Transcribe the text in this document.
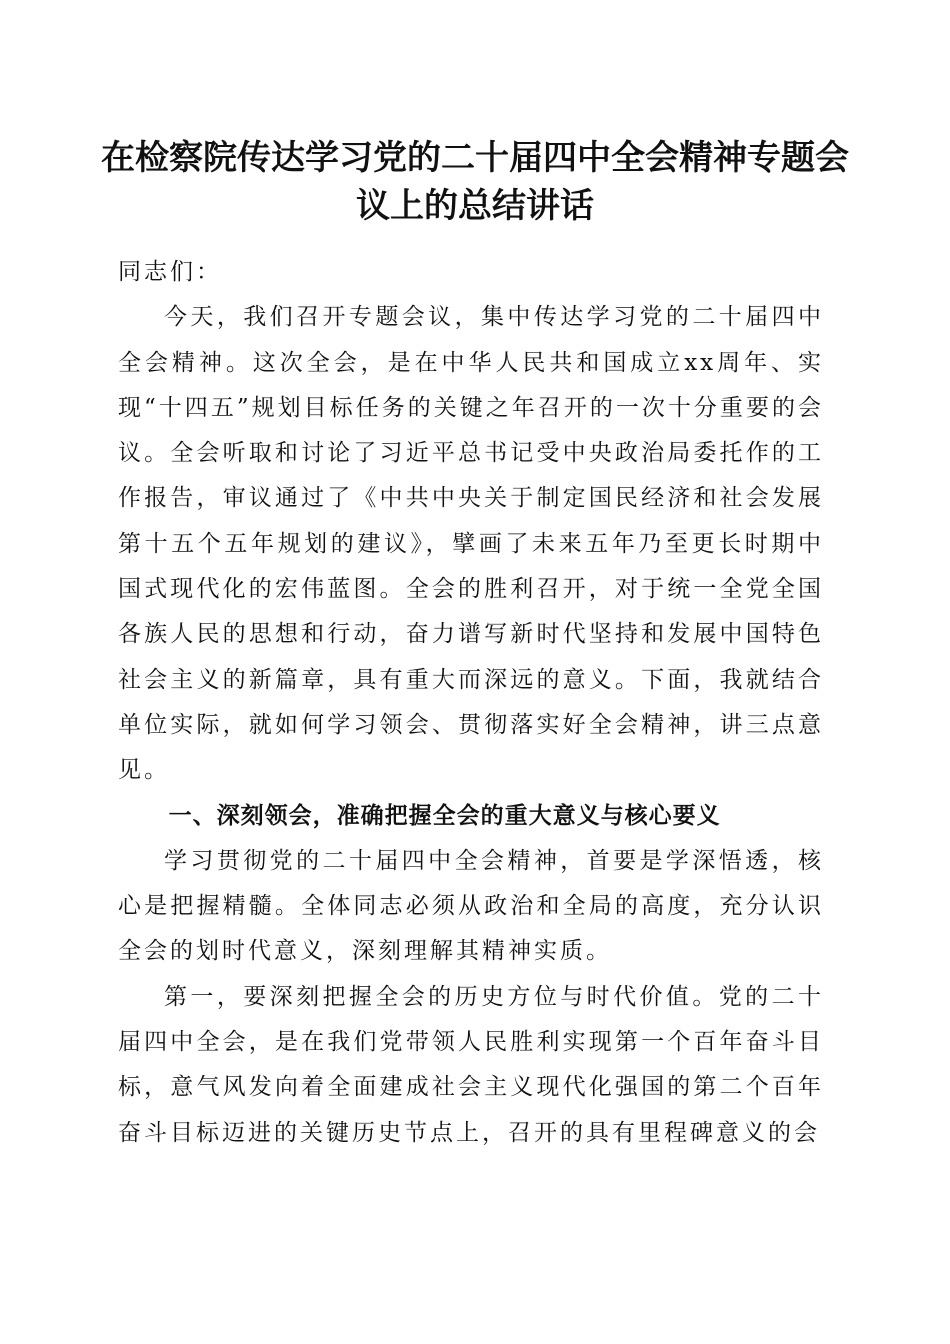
在检察院传达学习党的二十届四中全会精神专题会议上的总结讲话

同志们：

今天，我们召开专题会议，集中传达学习党的二十届四中全会精神。这次全会，是在中华人民共和国成立xx周年、实现“十四五”规划目标任务的关键之年召开的一次十分重要的会议。全会听取和讨论了习近平总书记受中央政治局委托作的工作报告，审议通过了《中共中央关于制定国民经济和社会发展第十五个五年规划的建议》，擘画了未来五年乃至更长时期中国式现代化的宏伟蓝图。全会的胜利召开，对于统一全党全国各族人民的思想和行动，奋力谱写新时代坚持和发展中国特色社会主义的新篇章，具有重大而深远的意义。下面，我就结合单位实际，就如何学习领会、贯彻落实好全会精神，讲三点意见。

一、深刻领会，准确把握全会的重大意义与核心要义

学习贯彻党的二十届四中全会精神，首要是学深悟透，核心是把握精髓。全体同志必须从政治和全局的高度，充分认识全会的划时代意义，深刻理解其精神实质。

第一，要深刻把握全会的历史方位与时代价值。党的二十届四中全会，是在我们党带领人民胜利实现第一个百年奋斗目标，意气风发向着全面建成社会主义现代化强国的第二个百年奋斗目标迈进的关键历史节点上，召开的具有里程碑意义的会
